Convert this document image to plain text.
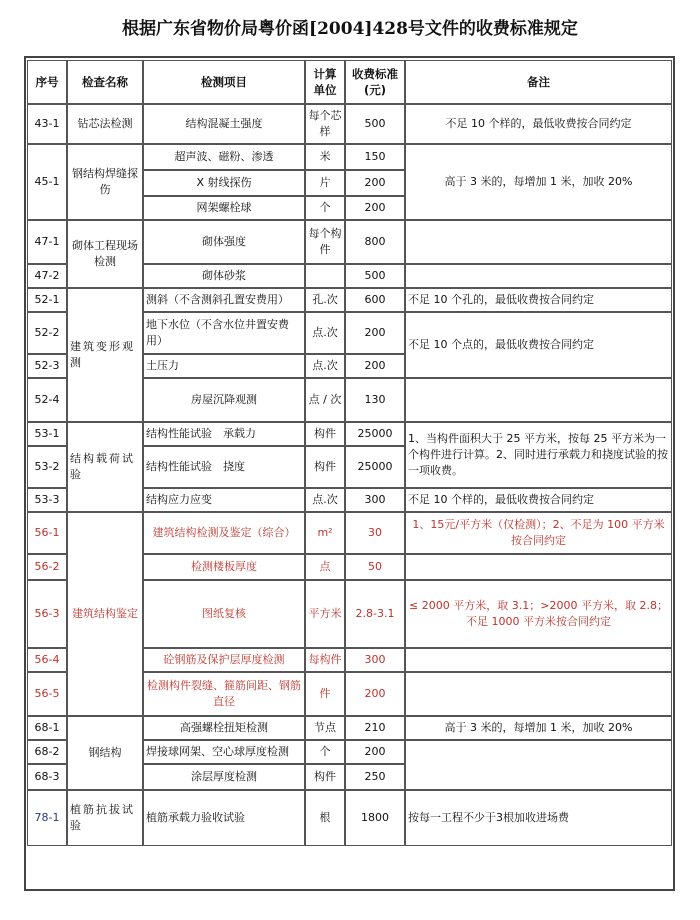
根据广东省物价局粤价函[2004]428号文件的收费标准规定
序号	检查名称	检测项目	计算单位	收费标准(元)	备注
43-1	钻芯法检测	结构混凝土强度	每个芯样	500	不足 10 个样的，最低收费按合同约定
45-1	钢结构焊缝探伤	超声波、磁粉、渗透	米	150	高于 3 米的，每增加 1 米，加收 20%
		X 射线探伤	片	200	
		网架螺栓球	个	200	
47-1	砌体工程现场检测	砌体强度	每个构件	800	
47-2		砌体砂浆		500	
52-1	建筑变形观测	测斜（不含测斜孔置安费用）	孔.次	600	不足 10 个孔的，最低收费按合同约定
52-2		地下水位（不含水位井置安费用）	点.次	200	不足 10 个点的，最低收费按合同约定
52-3		土压力	点.次	200	
52-4		房屋沉降观测	点 / 次	130	
53-1	结构载荷试验	结构性能试验　承载力	构件	25000	1、当构件面积大于 25 平方米，按每 25 平方米为一个构件进行计算。2、同时进行承载力和挠度试验的按一项收费。
53-2		结构性能试验　挠度	构件	25000	
53-3		结构应力应变	点.次	300	不足 10 个样的，最低收费按合同约定
56-1	建筑结构鉴定	建筑结构检测及鉴定（综合）	m²	30	1、15元/平方米（仅检测）；2、不足为 100 平方米按合同约定
56-2		检测楼板厚度	点	50	
56-3		图纸复核	平方米	2.8-3.1	≤ 2000 平方米，取 3.1；>2000 平方米，取 2.8；不足 1000 平方米按合同约定
56-4		砼钢筋及保护层厚度检测	每构件	300	
56-5		检测构件裂缝、箍筋间距、钢筋直径	件	200	
68-1	钢结构	高强螺栓扭矩检测	节点	210	高于 3 米的，每增加 1 米，加收 20%
68-2		焊接球网架、空心球厚度检测	个	200	
68-3		涂层厚度检测	构件	250	
78-1	植筋抗拔试验	植筋承载力验收试验	根	1800	按每一工程不少于3根加收进场费
